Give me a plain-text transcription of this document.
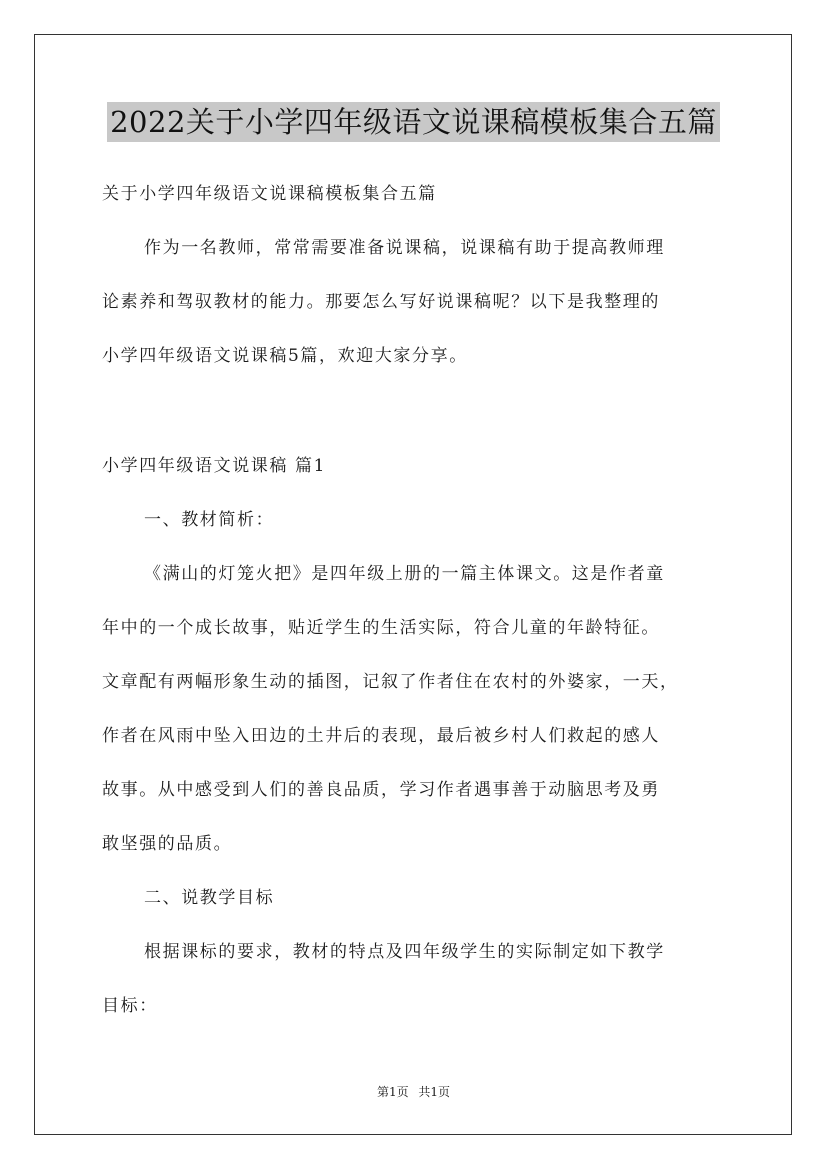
2022关于小学四年级语文说课稿模板集合五篇
关于小学四年级语文说课稿模板集合五篇
作为一名教师，常常需要准备说课稿，说课稿有助于提高教师理
论素养和驾驭教材的能力。那要怎么写好说课稿呢？以下是我整理的
小学四年级语文说课稿5篇，欢迎大家分享。
小学四年级语文说课稿 篇1
一、教材简析：
《满山的灯笼火把》是四年级上册的一篇主体课文。这是作者童
年中的一个成长故事，贴近学生的生活实际，符合儿童的年龄特征。
文章配有两幅形象生动的插图，记叙了作者住在农村的外婆家，一天，
作者在风雨中坠入田边的土井后的表现，最后被乡村人们救起的感人
故事。从中感受到人们的善良品质，学习作者遇事善于动脑思考及勇
敢坚强的品质。
二、说教学目标
根据课标的要求，教材的特点及四年级学生的实际制定如下教学
目标：
第1页 共1页
